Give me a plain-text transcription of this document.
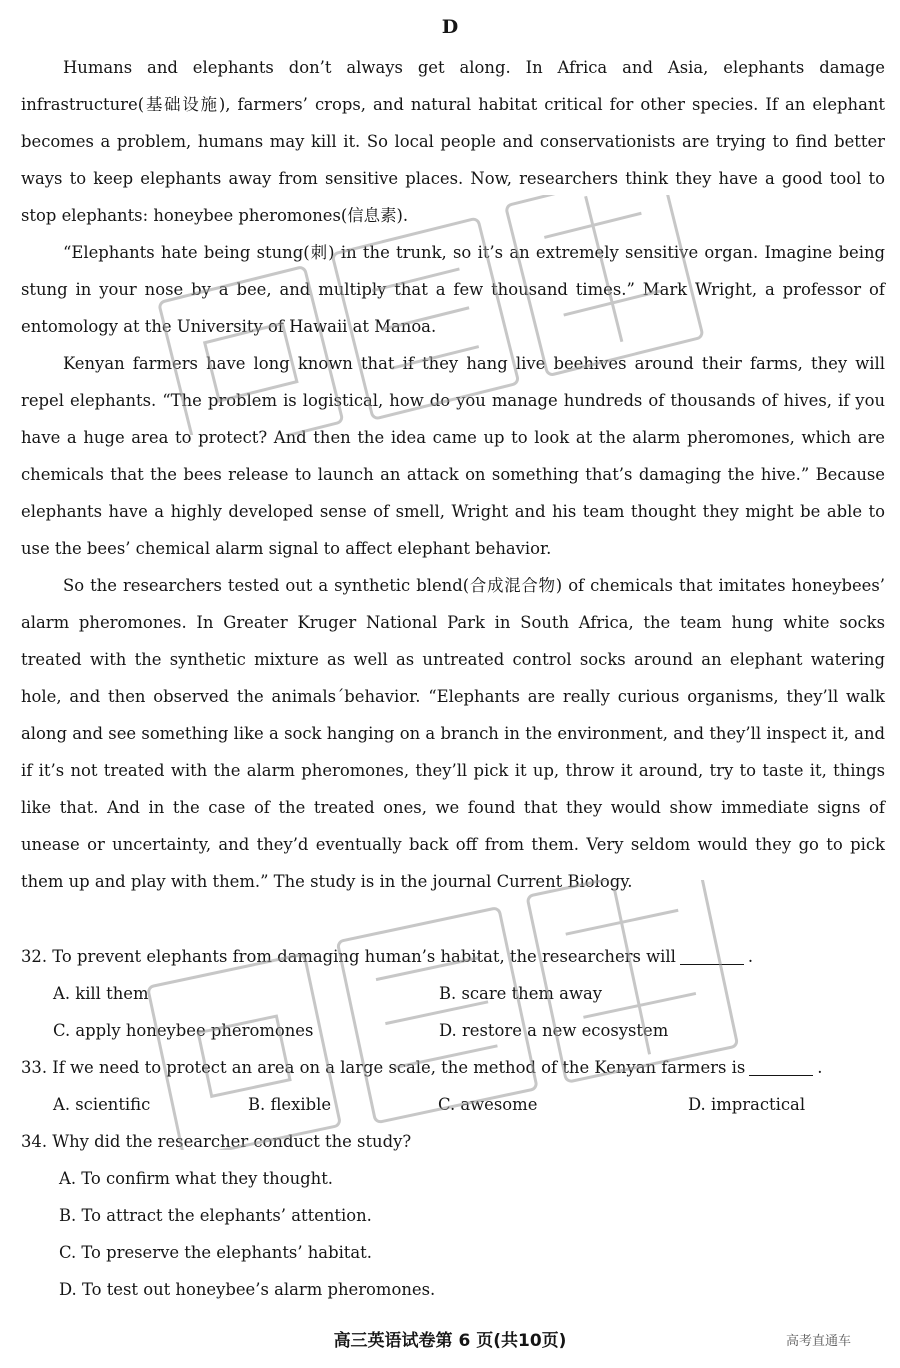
D

Humans and elephants don’t always get along. In Africa and Asia, elephants damage infrastructure(基础设施), farmers’ crops, and natural habitat critical for other species. If an elephant becomes a problem, humans may kill it. So local people and conservationists are trying to find better ways to keep elephants away from sensitive places. Now, researchers think they have a good tool to stop elephants: honeybee pheromones(信息素).

“Elephants hate being stung(刺) in the trunk, so it’s an extremely sensitive organ. Imagine being stung in your nose by a bee, and multiply that a few thousand times.” Mark Wright, a professor of entomology at the University of Hawaii at Manoa.

Kenyan farmers have long known that if they hang live beehives around their farms, they will repel elephants. “The problem is logistical, how do you manage hundreds of thousands of hives, if you have a huge area to protect? And then the idea came up to look at the alarm pheromones, which are chemicals that the bees release to launch an attack on something that’s damaging the hive.” Because elephants have a highly developed sense of smell, Wright and his team thought they might be able to use the bees’ chemical alarm signal to affect elephant behavior.

So the researchers tested out a synthetic blend(合成混合物) of chemicals that imitates honeybees’ alarm pheromones. In Greater Kruger National Park in South Africa, the team hung white socks treated with the synthetic mixture as well as untreated control socks around an elephant watering hole, and then observed the animals´behavior. “Elephants are really curious organisms, they’ll walk along and see something like a sock hanging on a branch in the environment, and they’ll inspect it, and if it’s not treated with the alarm pheromones, they’ll pick it up, throw it around, try to taste it, things like that. And in the case of the treated ones, we found that they would show immediate signs of unease or uncertainty, and they’d eventually back off from them. Very seldom would they go to pick them up and play with them.” The study is in the journal Current Biology.

32. To prevent elephants from damaging human’s habitat, the researchers will	.
A. kill them	B. scare them away
C. apply honeybee pheromones	D. restore a new ecosystem
33. If we need to protect an area on a large scale, the method of the Kenyan farmers is	.
A. scientific	B. flexible	C. awesome	D. impractical
34. Why did the researcher conduct the study?
A. To confirm what they thought.
B. To attract the elephants’ attention.
C. To preserve the elephants’ habitat.
D. To test out honeybee’s alarm pheromones.
高三英语试卷第 6 页(共10页)	高考直通车
